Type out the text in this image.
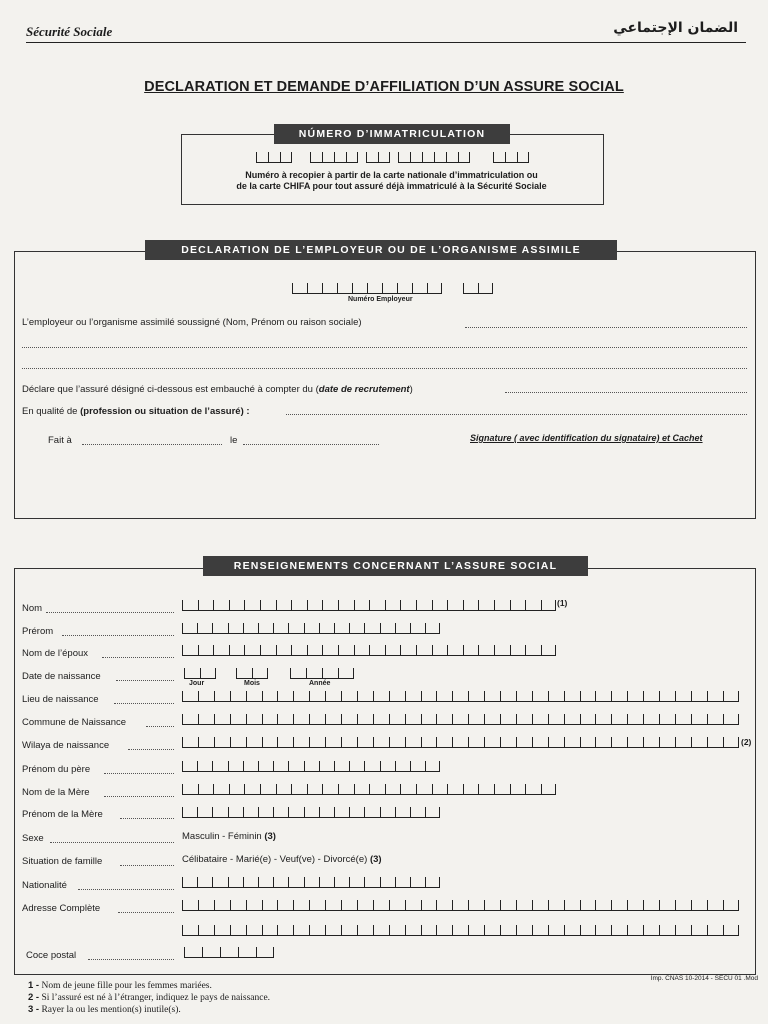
Sécurité Sociale	الضمان الإجتماعي
DECLARATION ET DEMANDE D’AFFILIATION D’UN ASSURE SOCIAL
NÚMERO D’IMMATRICULATION
Numéro à recopier à partir de la carte nationale d’immatriculation ou
de la carte CHIFA pour tout assuré déjà immatriculé à la Sécurité Sociale
DECLARATION DE L’EMPLOYEUR OU DE L’ORGANISME ASSIMILE
Numéro Employeur
L’employeur ou l’organisme assimilé soussigné (Nom, Prénom ou raison sociale)
Déclare que l’assuré désigné ci-dessous est embauché à compter du (date de recrutement)
En qualité de (profession ou situation de l’assuré) :
Fait à	le	Signature ( avec identification du signataire) et Cachet
RENSEIGNEMENTS CONCERNANT L’ASSURE SOCIAL
Nom	(1)
Prérom
Nom de l’époux
Date de naissance
Jour	Mois	Année
Lieu de naissance
Commune de Naissance
Wilaya de naissance	(2)
Prénom du père
Nom de la Mère
Prénom de la Mère
Sexe	Masculin - Féminin (3)
Situation de famille	Célibataire - Marié(e) - Veuf(ve) - Divorcé(e) (3)
Nationalité
Adresse Complète
Coce postal
Imp. CNAS 10-2014 - SECU 01 .Mod
1 - Nom de jeune fille pour les femmes mariées.
2 - Si l’assuré est né à l’étranger, indiquez le pays de naissance.
3 - Rayer la ou les mention(s) inutile(s).
